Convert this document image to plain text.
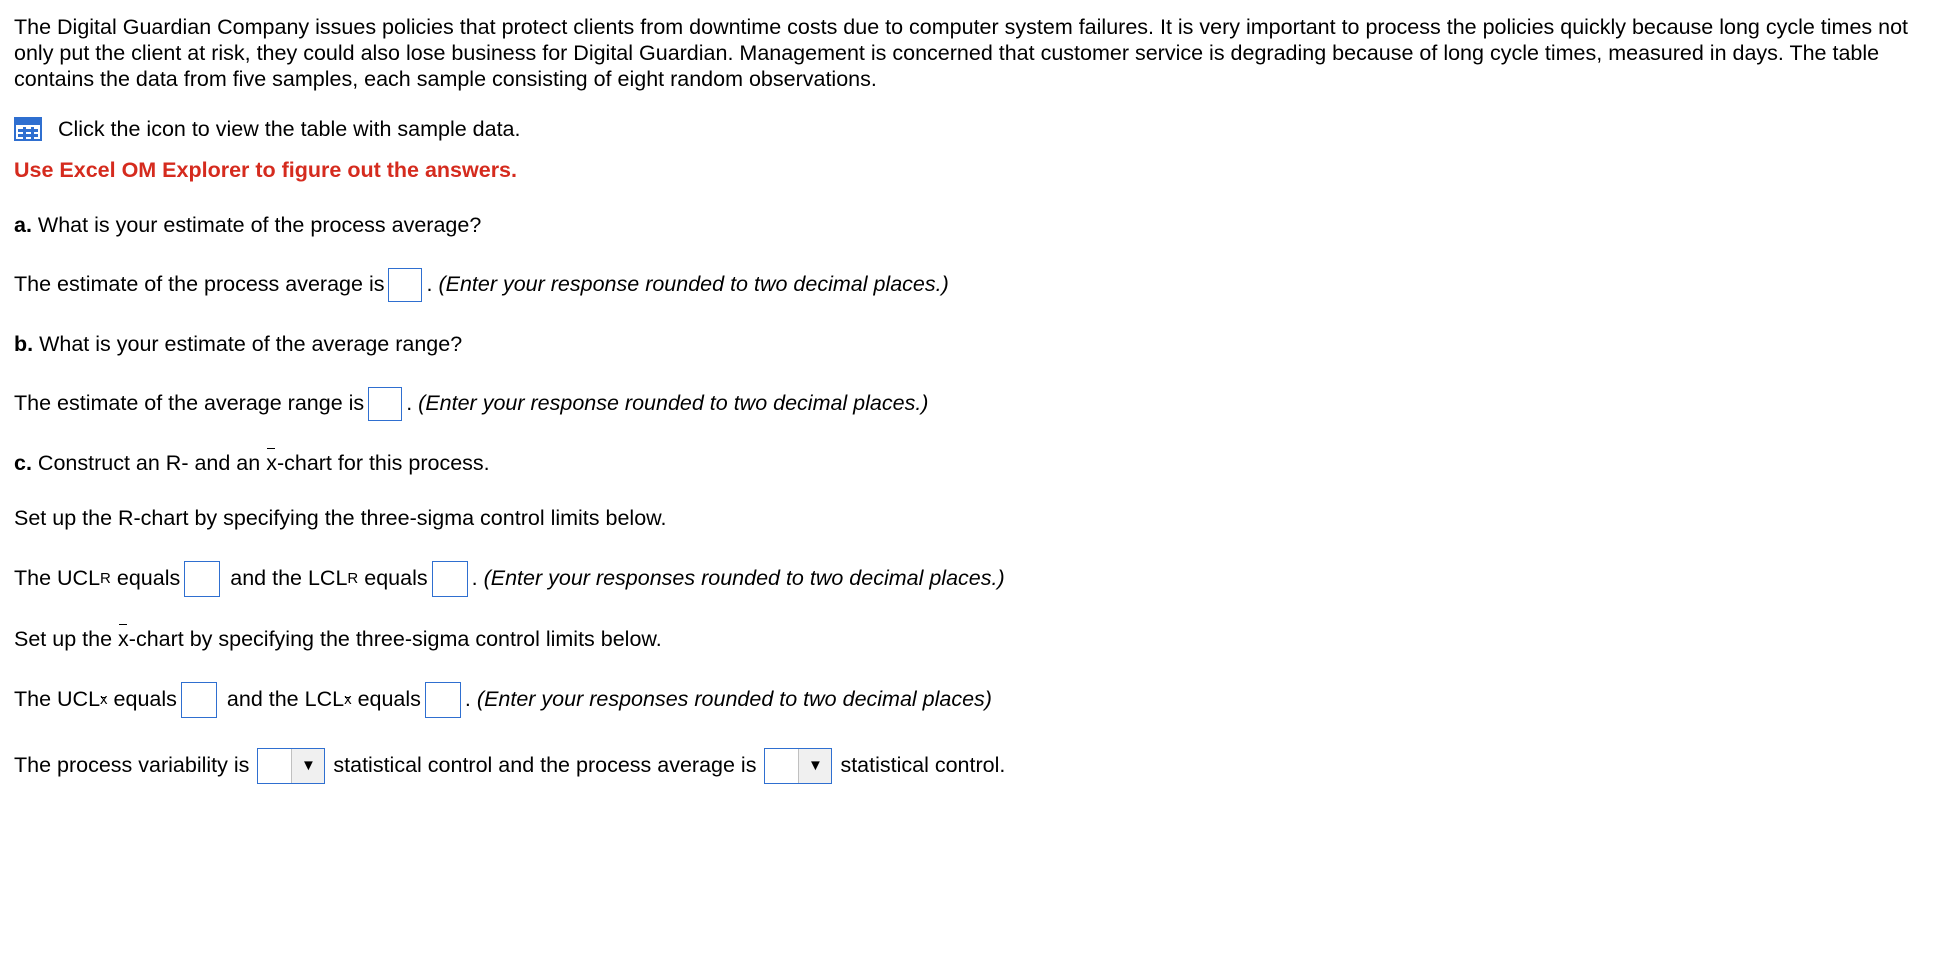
The Digital Guardian Company issues policies that protect clients from downtime costs due to computer system failures. It is very important to process the policies quickly because long cycle times not only put the client at risk, they could also lose business for Digital Guardian. Management is concerned that customer service is degrading because of long cycle times, measured in days. The table contains the data from five samples, each sample consisting of eight random observations.

Click the icon to view the table with sample data.
Use Excel OM Explorer to figure out the answers.
a. What is your estimate of the process average?
The estimate of the process average is . (Enter your response rounded to two decimal places.)
b. What is your estimate of the average range?
The estimate of the average range is . (Enter your response rounded to two decimal places.)
c. Construct an R- and an x-chart for this process.
Set up the R-chart by specifying the three-sigma control limits below.
The UCL R equals and the LCL R equals . (Enter your responses rounded to two decimal places.)
Set up the x -chart by specifying the three-sigma control limits below.
The UCL x equals and the LCL x equals . (Enter your responses rounded to two decimal places)
The process variability is	▼ statistical control and the process average is	▼ statistical control.
